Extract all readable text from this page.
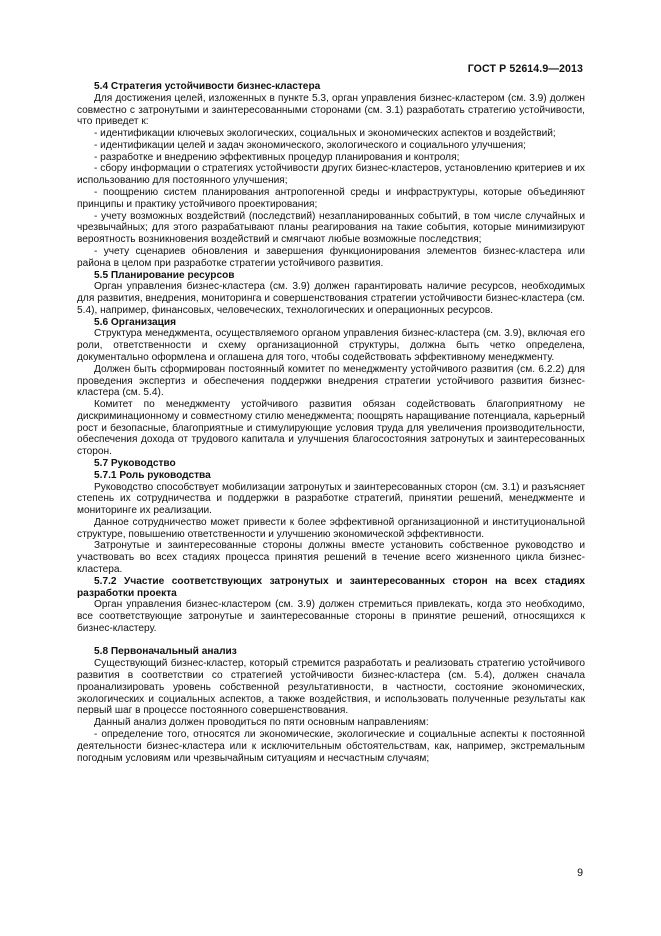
ГОСТ Р 52614.9—2013

5.4 Стратегия устойчивости бизнес-кластера

Для достижения целей, изложенных в пункте 5.3, орган управления бизнес-кластером (см. 3.9) должен совместно с затронутыми и заинтересованными сторонами (см. 3.1) разработать стратегию устойчивости, что приведет к:

- идентификации ключевых экологических, социальных и экономических аспектов и воздействий;

- идентификации целей и задач экономического, экологического и социального улучшения;

- разработке и внедрению эффективных процедур планирования и контроля;

- сбору информации о стратегиях устойчивости других бизнес-кластеров, установлению критериев и их использованию для постоянного улучшения;

- поощрению систем планирования антропогенной среды и инфраструктуры, которые объединяют принципы и практику устойчивого проектирования;

- учету возможных воздействий (последствий) незапланированных событий, в том числе случайных и чрезвычайных; для этого разрабатывают планы реагирования на такие события, которые минимизируют вероятность возникновения воздействий и смягчают любые возможные последствия;

- учету сценариев обновления и завершения функционирования элементов бизнес-кластера или района в целом при разработке стратегии устойчивого развития.

5.5 Планирование ресурсов

Орган управления бизнес-кластера (см. 3.9) должен гарантировать наличие ресурсов, необходимых для развития, внедрения, мониторинга и совершенствования стратегии устойчивости бизнес-кластера (см. 5.4), например, финансовых, человеческих, технологических и операционных ресурсов.

5.6 Организация

Структура менеджмента, осуществляемого органом управления бизнес-кластера (см. 3.9), включая его роли, ответственности и схему организационной структуры, должна быть четко определена, документально оформлена и оглашена для того, чтобы содействовать эффективному менеджменту.

Должен быть сформирован постоянный комитет по менеджменту устойчивого развития (см. 6.2.2) для проведения экспертиз и обеспечения поддержки внедрения стратегии устойчивого развития бизнес-кластера (см. 5.4).

Комитет по менеджменту устойчивого развития обязан содействовать благоприятному не дискриминационному и совместному стилю менеджмента; поощрять наращивание потенциала, карьерный рост и безопасные, благоприятные и стимулирующие условия труда для увеличения производительности, обеспечения дохода от трудового капитала и улучшения благосостояния затронутых и заинтересованных сторон.

5.7 Руководство

5.7.1 Роль руководства

Руководство способствует мобилизации затронутых и заинтересованных сторон (см. 3.1) и разъясняет степень их сотрудничества и поддержки в разработке стратегий, принятии решений, менеджменте и мониторинге их реализации.

Данное сотрудничество может привести к более эффективной организационной и институциональной структуре, повышению ответственности и улучшению экономической эффективности.

Затронутые и заинтересованные стороны должны вместе установить собственное руководство и участвовать во всех стадиях процесса принятия решений в течение всего жизненного цикла бизнес-кластера.

5.7.2 Участие соответствующих затронутых и заинтересованных сторон на всех стадиях разработки проекта

Орган управления бизнес-кластером (см. 3.9) должен стремиться привлекать, когда это необходимо, все соответствующие затронутые и заинтересованные стороны в принятие решений, относящихся к бизнес-кластеру.

5.8 Первоначальный анализ

Существующий бизнес-кластер, который стремится разработать и реализовать стратегию устойчивого развития в соответствии со стратегией устойчивости бизнес-кластера (см. 5.4), должен сначала проанализировать уровень собственной результативности, в частности, состояние экономических, экологических и социальных аспектов, а также воздействия, и использовать полученные результаты как первый шаг в процессе постоянного совершенствования.

Данный анализ должен проводиться по пяти основным направлениям:

- определение того, относятся ли экономические, экологические и социальные аспекты к постоянной деятельности бизнес-кластера или к исключительным обстоятельствам, как, например, экстремальным погодным условиям или чрезвычайным ситуациям и несчастным случаям;

9
